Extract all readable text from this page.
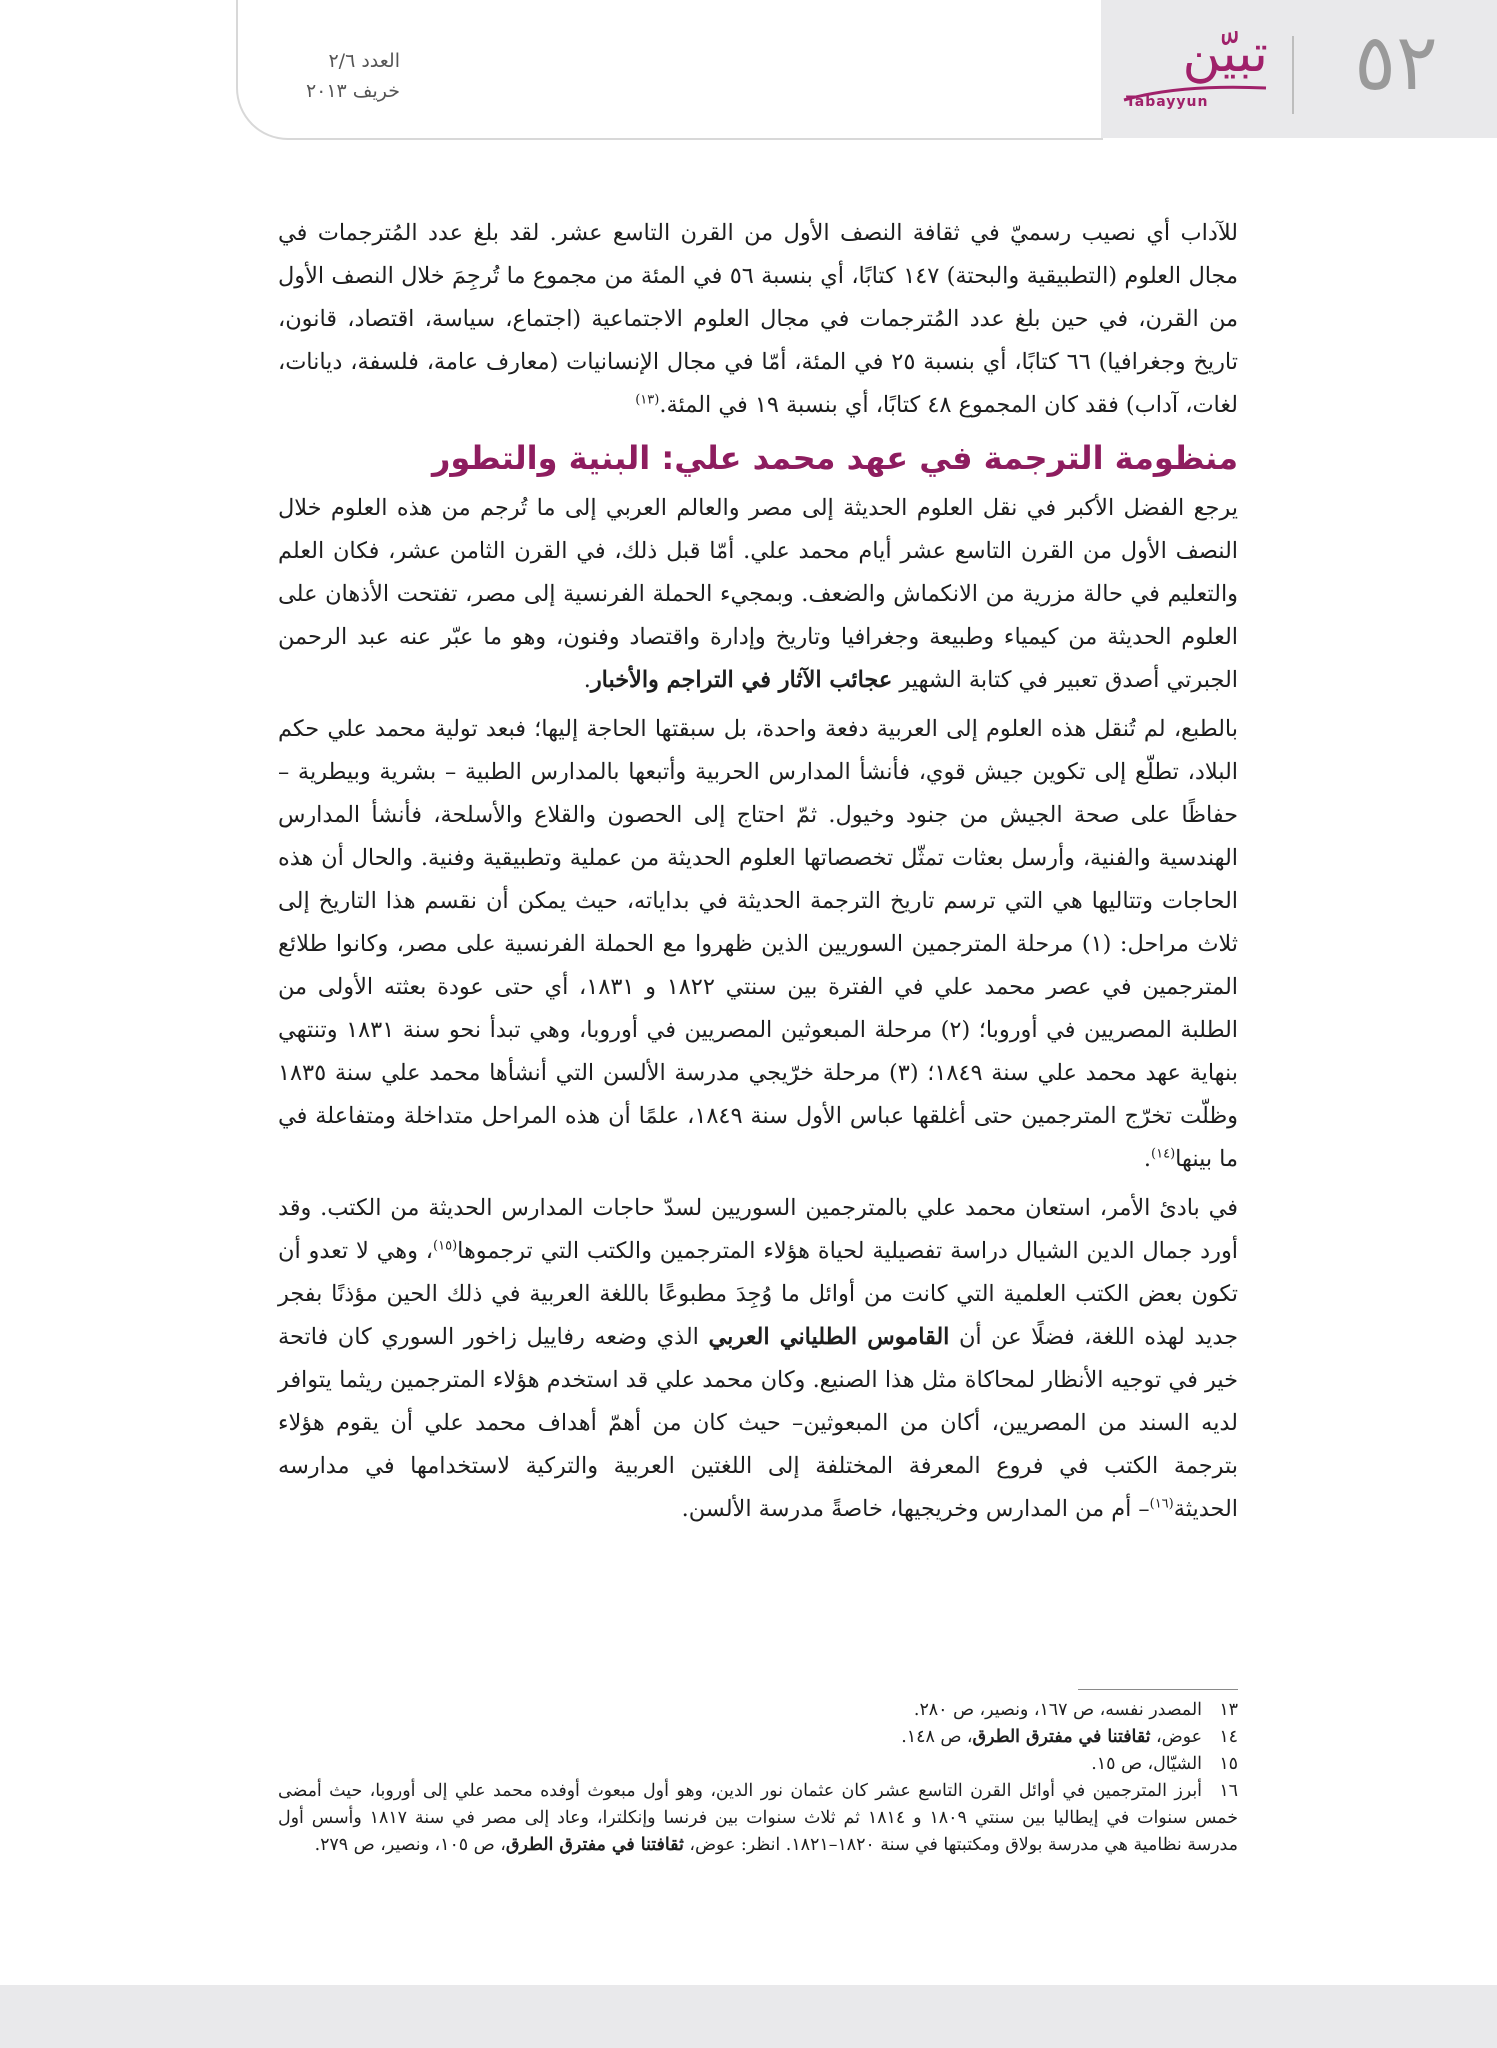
العدد ٢/٦
خريف ٢٠١٣
تبيّن
Tabayyun	٥٢

للآداب أي نصيب رسميّ في ثقافة النصف الأول من القرن التاسع عشر. لقد بلغ عدد المُترجمات في مجال العلوم (التطبيقية والبحتة) ١٤٧ كتابًا، أي بنسبة ٥٦ في المئة من مجموع ما تُرجِمَ خلال النصف الأول من القرن، في حين بلغ عدد المُترجمات في مجال العلوم الاجتماعية (اجتماع، سياسة، اقتصاد، قانون، تاريخ وجغرافيا) ٦٦ كتابًا، أي بنسبة ٢٥ في المئة، أمّا في مجال الإنسانيات (معارف عامة، فلسفة، ديانات، لغات، آداب) فقد كان المجموع ٤٨ كتابًا، أي بنسبة ١٩ في المئة.$^{(١٣)}$

منظومة الترجمة في عهد محمد علي: البنية والتطور

يرجع الفضل الأكبر في نقل العلوم الحديثة إلى مصر والعالم العربي إلى ما تُرجم من هذه العلوم خلال النصف الأول من القرن التاسع عشر أيام محمد علي. أمّا قبل ذلك، في القرن الثامن عشر، فكان العلم والتعليم في حالة مزرية من الانكماش والضعف. وبمجيء الحملة الفرنسية إلى مصر، تفتحت الأذهان على العلوم الحديثة من كيمياء وطبيعة وجغرافيا وتاريخ وإدارة واقتصاد وفنون، وهو ما عبّر عنه عبد الرحمن الجبرتي أصدق تعبير في كتابة الشهير عجائب الآثار في التراجم والأخبار.

بالطبع، لم تُنقل هذه العلوم إلى العربية دفعة واحدة، بل سبقتها الحاجة إليها؛ فبعد تولية محمد علي حكم البلاد، تطلّع إلى تكوين جيش قوي، فأنشأ المدارس الحربية وأتبعها بالمدارس الطبية – بشرية وبيطرية – حفاظًا على صحة الجيش من جنود وخيول. ثمّ احتاج إلى الحصون والقلاع والأسلحة، فأنشأ المدارس الهندسية والفنية، وأرسل بعثات تمثّل تخصصاتها العلوم الحديثة من عملية وتطبيقية وفنية. والحال أن هذه الحاجات وتتاليها هي التي ترسم تاريخ الترجمة الحديثة في بداياته، حيث يمكن أن نقسم هذا التاريخ إلى ثلاث مراحل: (١) مرحلة المترجمين السوريين الذين ظهروا مع الحملة الفرنسية على مصر، وكانوا طلائع المترجمين في عصر محمد علي في الفترة بين سنتي ١٨٢٢ و ١٨٣١، أي حتى عودة بعثته الأولى من الطلبة المصريين في أوروبا؛ (٢) مرحلة المبعوثين المصريين في أوروبا، وهي تبدأ نحو سنة ١٨٣١ وتنتهي بنهاية عهد محمد علي سنة ١٨٤٩؛ (٣) مرحلة خرّيجي مدرسة الألسن التي أنشأها محمد علي سنة ١٨٣٥ وظلّت تخرّج المترجمين حتى أغلقها عباس الأول سنة ١٨٤٩، علمًا أن هذه المراحل متداخلة ومتفاعلة في ما بينها$^{(١٤)}$.

في بادئ الأمر، استعان محمد علي بالمترجمين السوريين لسدّ حاجات المدارس الحديثة من الكتب. وقد أورد جمال الدين الشيال دراسة تفصيلية لحياة هؤلاء المترجمين والكتب التي ترجموها$^{(١٥)}$، وهي لا تعدو أن تكون بعض الكتب العلمية التي كانت من أوائل ما وُجِدَ مطبوعًا باللغة العربية في ذلك الحين مؤذنًا بفجر جديد لهذه اللغة، فضلًا عن أن القاموس الطلياني العربي الذي وضعه رفاييل زاخور السوري كان فاتحة خير في توجيه الأنظار لمحاكاة مثل هذا الصنيع. وكان محمد علي قد استخدم هؤلاء المترجمين ريثما يتوافر لديه السند من المصريين، أكان من المبعوثين– حيث كان من أهمّ أهداف محمد علي أن يقوم هؤلاء بترجمة الكتب في فروع المعرفة المختلفة إلى اللغتين العربية والتركية لاستخدامها في مدارسه الحديثة$^{(١٦)}$– أم من المدارس وخريجيها، خاصةً مدرسة الألسن.

١٣المصدر نفسه، ص ١٦٧، ونصير، ص ٢٨٠.

١٤عوض، ثقافتنا في مفترق الطرق، ص ١٤٨.

١٥الشيّال، ص ١٥.

١٦أبرز المترجمين في أوائل القرن التاسع عشر كان عثمان نور الدين، وهو أول مبعوث أوفده محمد علي إلى أوروبا، حيث أمضى خمس سنوات في إيطاليا بين سنتي ١٨٠٩ و ١٨١٤ ثم ثلاث سنوات بين فرنسا وإنكلترا، وعاد إلى مصر في سنة ١٨١٧ وأسس أول مدرسة نظامية هي مدرسة بولاق ومكتبتها في سنة ١٨٢٠–١٨٢١. انظر: عوض، ثقافتنا في مفترق الطرق، ص ١٠٥، ونصير، ص ٢٧٩.
